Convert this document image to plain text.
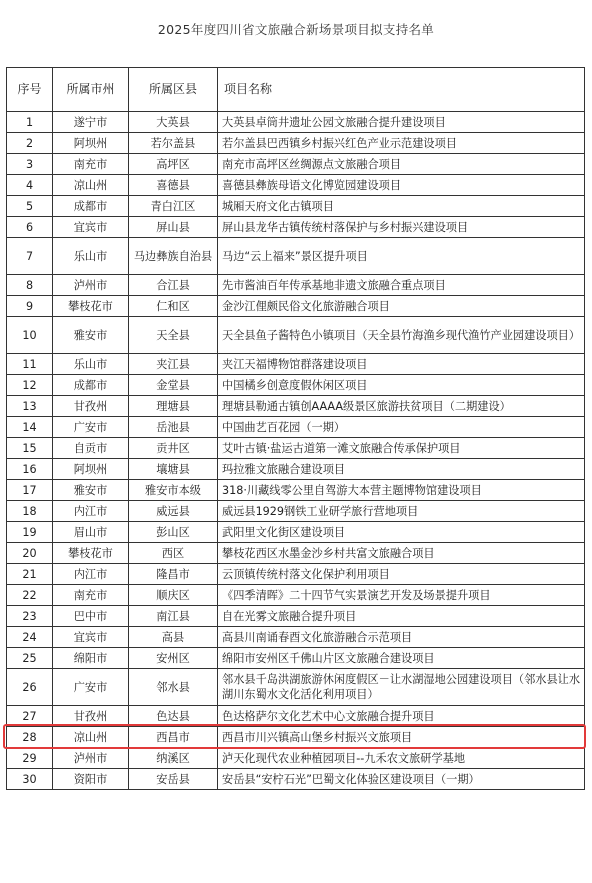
2025年度四川省文旅融合新场景项目拟支持名单
序号	所属市州	所属区县	项目名称
1	遂宁市	大英县	大英县卓筒井遗址公园文旅融合提升建设项目
2	阿坝州	若尔盖县	若尔盖县巴西镇乡村振兴红色产业示范建设项目
3	南充市	高坪区	南充市高坪区丝绸源点文旅融合项目
4	凉山州	喜德县	喜德县彝族母语文化博览园建设项目
5	成都市	青白江区	城厢天府文化古镇项目
6	宜宾市	屏山县	屏山县龙华古镇传统村落保护与乡村振兴建设项目
7	乐山市	马边彝族自治县	马边“云上福来”景区提升项目
8	泸州市	合江县	先市酱油百年传承基地非遗文旅融合重点项目
9	攀枝花市	仁和区	金沙江俚颇民俗文化旅游融合项目
10	雅安市	天全县	天全县鱼子酱特色小镇项目（天全县竹海渔乡现代渔竹产业园建设项目）
11	乐山市	夹江县	夹江天福博物馆群落建设项目
12	成都市	金堂县	中国橘乡创意度假休闲区项目
13	甘孜州	理塘县	理塘县勒通古镇创AAAA级景区旅游扶贫项目（二期建设）
14	广安市	岳池县	中国曲艺百花园（一期）
15	自贡市	贡井区	艾叶古镇·盐运古道第一滩文旅融合传承保护项目
16	阿坝州	壤塘县	玛拉雅文旅融合建设项目
17	雅安市	雅安市本级	318·川藏线零公里自驾游大本营主题博物馆建设项目
18	内江市	威远县	威远县1929钢铁工业研学旅行营地项目
19	眉山市	彭山区	武阳里文化街区建设项目
20	攀枝花市	西区	攀枝花西区水墨金沙乡村共富文旅融合项目
21	内江市	隆昌市	云顶镇传统村落文化保护利用项目
22	南充市	顺庆区	《四季清晖》二十四节气实景演艺开发及场景提升项目
23	巴中市	南江县	自在光雾文旅融合提升项目
24	宜宾市	高县	高县川南诵春酉文化旅游融合示范项目
25	绵阳市	安州区	绵阳市安州区千佛山片区文旅融合建设项目
26	广安市	邻水县	邻水县千岛洪湖旅游休闲度假区－让水湖湿地公园建设项目（邻水县让水湖川东蜀水文化活化利用项目）
27	甘孜州	色达县	色达格萨尔文化艺术中心文旅融合提升项目
28	凉山州	西昌市	西昌市川兴镇高山堡乡村振兴文旅项目
29	泸州市	纳溪区	泸天化现代农业种植园项目--九禾农文旅研学基地
30	资阳市	安岳县	安岳县“安柠石光”巴蜀文化体验区建设项目（一期）
